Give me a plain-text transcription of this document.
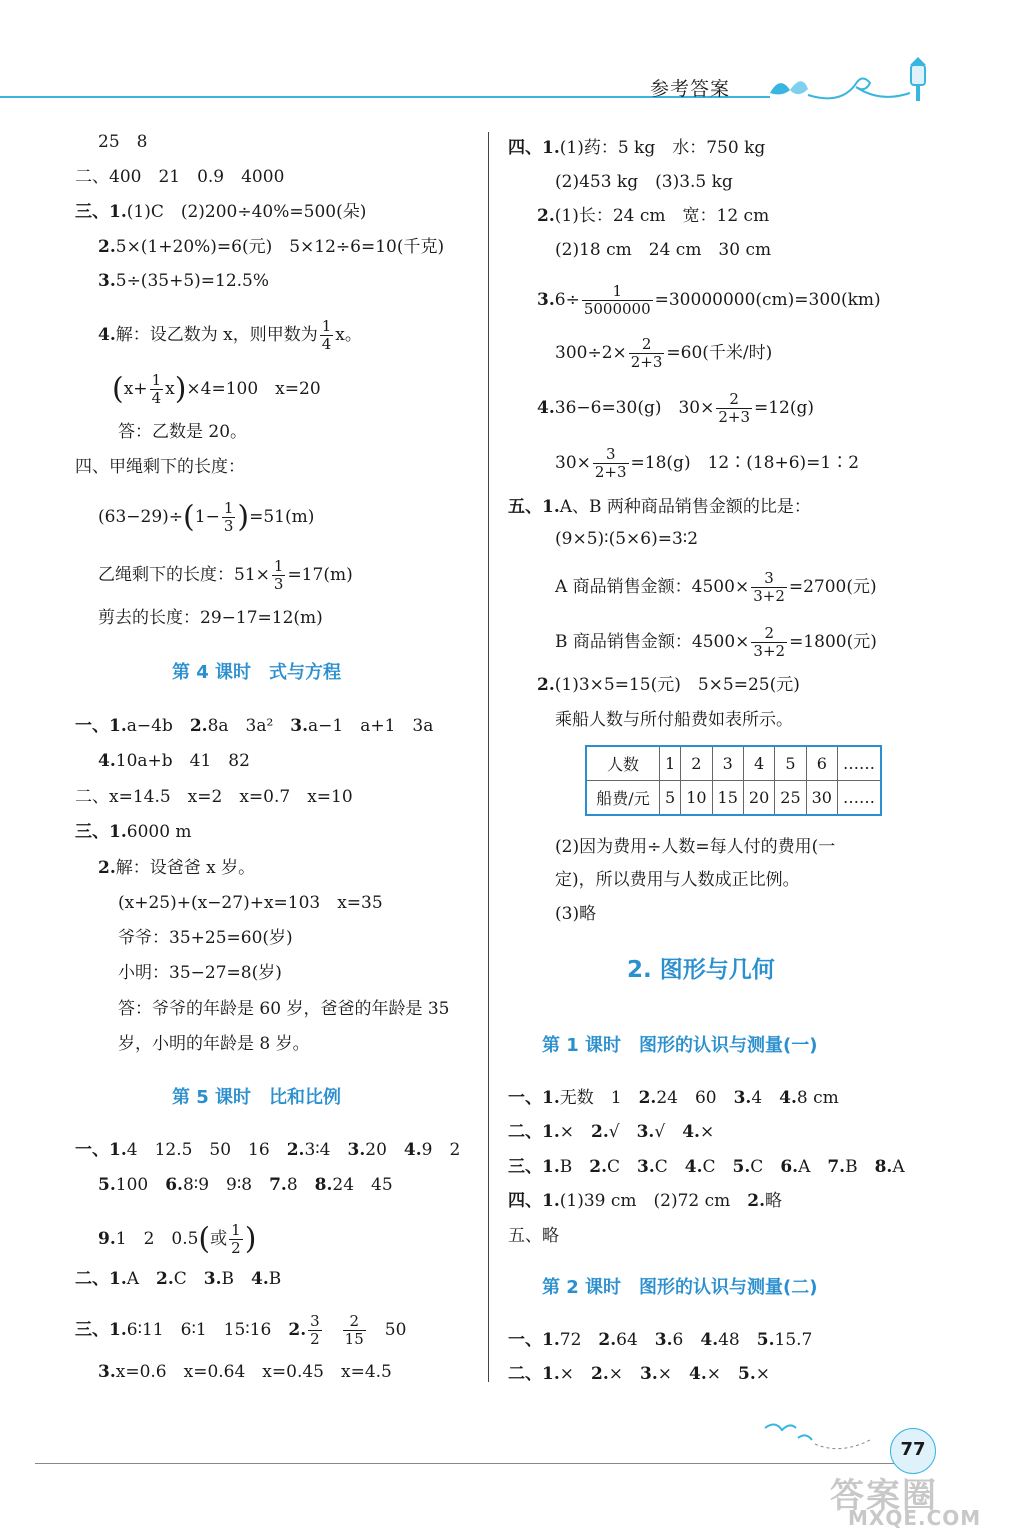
参考答案
25　8
二、400　21　0.9　4000
三、1.(1)C　(2)200÷40%=500(朵)
2.5×(1+20%)=6(元)　5×12÷6=10(千克)
3.5÷(35+5)=12.5%
4.解：设乙数为 x，则甲数为 $\frac{1}{4}$ x。
$(x+ \frac{1}{4} x)\times 4=100$　x=20
答：乙数是 20。
四、甲绳剩下的长度：
$(63-29)\div(1- \frac{1}{3} )=51(m)$
乙绳剩下的长度：$51\times \frac{1}{3} =17(m)$
剪去的长度：29−17=12(m)
第 4 课时　式与方程
一、1.a−4b　2.8a　3a²　3.a−1　a+1　3a
4.10a+b　41　82
二、x=14.5　x=2　x=0.7　x=10
三、1.6000 m
2.解：设爸爸 x 岁。
(x+25)+(x−27)+x=103　x=35
爷爷：35+25=60(岁)
小明：35−27=8(岁)
答：爷爷的年龄是 60 岁，爸爸的年龄是 35
岁，小明的年龄是 8 岁。
第 5 课时　比和比例
一、1.4　12.5　50　16　2.3∶4　3.20　4.9　2
5.100　6.8∶9　9∶8　7.8　8.24　45
9.1　2　0.5(或 $\frac{1}{2}$ )
二、1.A　2.C　3.B　4.B
三、1.6∶11　6∶1　15∶16　2. $\frac{3}{2}$
　 $\frac{2}{15}$
　 50
3.x=0.6　x=0.64　x=0.45　x=4.5
四、1.(1)药：5 kg　水：750 kg
(2)453 kg　(3)3.5 kg
2.(1)长：24 cm　宽：12 cm
(2)18 cm　24 cm　30 cm
$3.6\div \frac{1}{5000000} =30000000(cm)=300(km)$
$300\div 2\times \frac{2}{2+3} =60$(千米/时)
4.36−6=30(g)　$30\times \frac{2}{2+3} =12(g)$
$30\times \frac{3}{2+3} =18(g)$　12∶(18+6)=1∶2
五、1.A、B 两种商品销售金额的比是：
(9×5)∶(5×6)=3∶2
A 商品销售金额：$4500\times \frac{3}{3+2} =2700$(元)
B 商品销售金额：$4500\times \frac{2}{3+2} =1800$(元)
2.(1)3×5=15(元)　5×5=25(元)
乘船人数与所付船费如表所示。
人数	1	2	3	4	5	6	……
船费/元	5	10	15	20	25	30	……
(2)因为费用÷人数=每人付的费用(一
定)，所以费用与人数成正比例。
(3)略
2. 图形与几何
第 1 课时　图形的认识与测量(一)
一、1.无数　1　2.24　60　3.4　4.8 cm
二、1.×　2.√　3.√　4.×
三、1.B　2.C　3.C　4.C　5.C　6.A　7.B　8.A
四、1.(1)39 cm　(2)72 cm　2.略
五、略
第 2 课时　图形的认识与测量(二)
一、1.72　2.64　3.6　4.48　5.15.7
二、1.×　2.×　3.×　4.×　5.×
77
答案圈
MXQE.COM
